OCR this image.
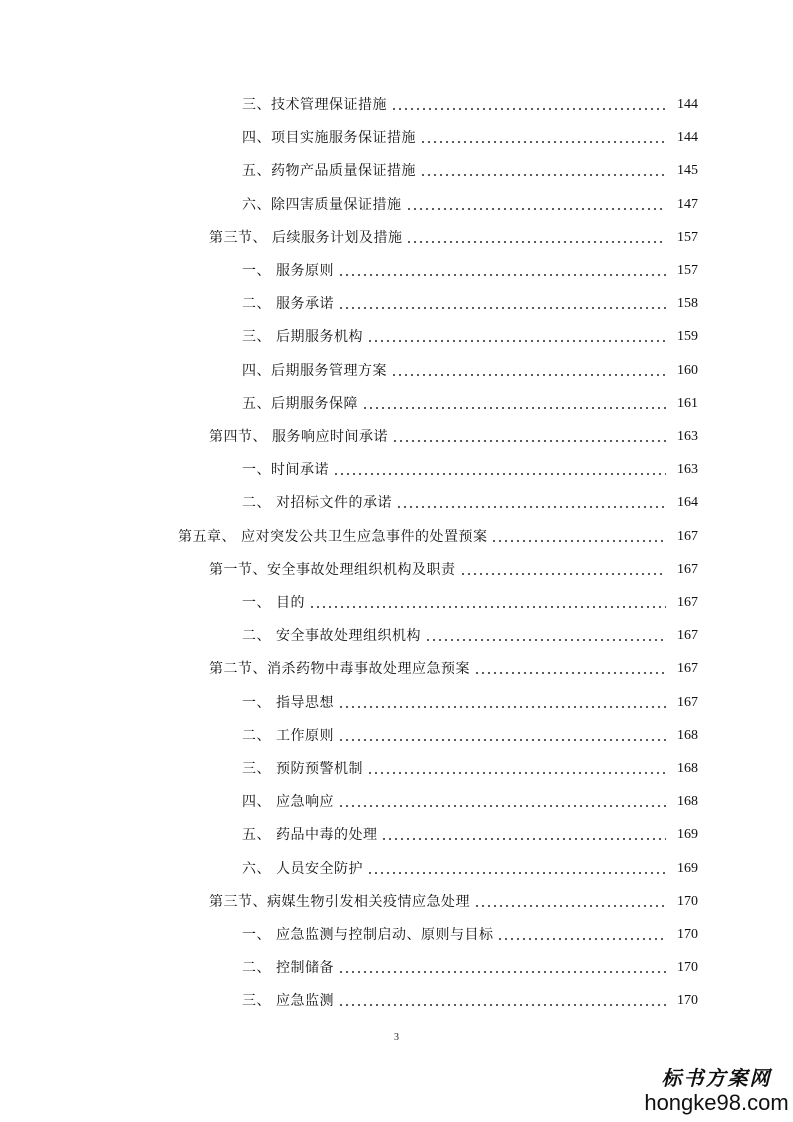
三、技术管理保证措施	144
四、项目实施服务保证措施	144
五、药物产品质量保证措施	145
六、除四害质量保证措施	147
第三节、 后续服务计划及措施	157
一、 服务原则	157
二、 服务承诺	158
三、 后期服务机构	159
四、后期服务管理方案	160
五、后期服务保障	161
第四节、 服务响应时间承诺	163
一、时间承诺	163
二、 对招标文件的承诺	164
第五章、 应对突发公共卫生应急事件的处置预案	167
第一节、安全事故处理组织机构及职责	167
一、 目的	167
二、 安全事故处理组织机构	167
第二节、消杀药物中毒事故处理应急预案	167
一、 指导思想	167
二、 工作原则	168
三、 预防预警机制	168
四、 应急响应	168
五、 药品中毒的处理	169
六、 人员安全防护	169
第三节、病媒生物引发相关疫情应急处理	170
一、 应急监测与控制启动、原则与目标	170
二、 控制储备	170
三、 应急监测	170
3
标书方案网
hongke98.com
